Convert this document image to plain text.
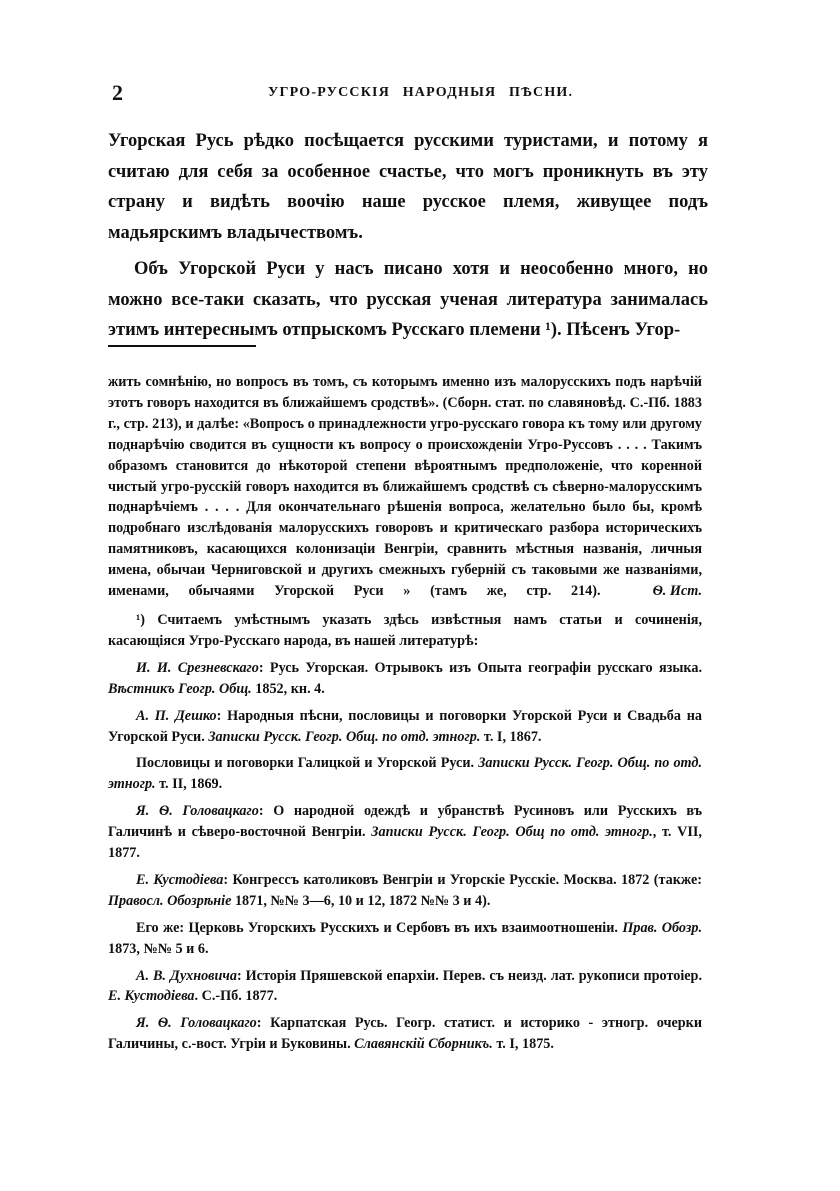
2	УГРО-РУССКІЯ НАРОДНЫЯ ПѢСНИ.

Угорская Русь рѣдко посѣщается русскими туристами, и потому я считаю для себя за особенное счастье, что могъ проникнуть въ эту страну и видѣть воочію наше русское племя, живущее подъ мадьярскимъ владычествомъ.

Объ Угорской Руси у насъ писано хотя и неособенно много, но можно все-таки сказать, что русская ученая литература занималась этимъ интереснымъ отпрыскомъ Русскаго племени ¹). Пѣсенъ Угор-

жить сомнѣнію, но вопросъ въ томъ, съ которымъ именно изъ малорусскихъ подъ нарѣчій этотъ говоръ находится въ ближайшемъ сродствѣ». (Сборн. стат. по славяновѣд. С.-Пб. 1883 г., стр. 213), и далѣе: «Вопросъ о принадлежности угро-русскаго говора къ тому или другому поднарѣчію сводится въ сущности къ вопросу о происхожденіи Угро-Руссовъ . . . . Такимъ образомъ становится до нѣкоторой степени вѣроятнымъ предположеніе, что коренной чистый угро-русскій говоръ находится въ ближайшемъ сродствѣ съ сѣверно-малорусскимъ поднарѣчіемъ . . . . Для окончательнаго рѣшенія вопроса, желательно было бы, кромѣ подробнаго изслѣдованія малорусскихъ говоровъ и критическаго разбора историческихъ памятниковъ, касающихся колонизаціи Венгріи, сравнить мѣстныя названія, личныя имена, обычаи Черниговской и другихъ смежныхъ губерній съ таковыми же названіями, именами, обычаями Угорской Руси » (тамъ же, стр. 214).	Ѳ. Ист.

¹) Считаемъ умѣстнымъ указать здѣсь извѣстныя намъ статьи и сочиненія, касающіяся Угро-Русскаго народа, въ нашей литературѣ:

И. И. Срезневскаго: Русь Угорская. Отрывокъ изъ Опыта географіи русскаго языка. Вѣстникъ Геогр. Общ. 1852, кн. 4.

А. П. Дешко: Народныя пѣсни, пословицы и поговорки Угорской Руси и Свадьба на Угорской Руси. Записки Русск. Геогр. Общ. по отд. этногр. т. I, 1867.

Пословицы и поговорки Галицкой и Угорской Руси. Записки Русск. Геогр. Общ. по отд. этногр. т. II, 1869.

Я. Ѳ. Головацкаго: О народной одеждѣ и убранствѣ Русиновъ или Русскихъ въ Галичинѣ и сѣверо-восточной Венгріи. Записки Русск. Геогр. Общ по отд. этногр., т. VII, 1877.

Е. Кустодіева: Конгрессъ католиковъ Венгріи и Угорскіе Русскіе. Москва. 1872 (также: Правосл. Обозрѣніе 1871, №№ 3—6, 10 и 12, 1872 №№ 3 и 4).

Его же: Церковь Угорскихъ Русскихъ и Сербовъ въ ихъ взаимоотношеніи. Прав. Обозр. 1873, №№ 5 и 6.

А. В. Духновича: Исторія Пряшевской епархіи. Перев. съ неизд. лат. рукописи протоіер. Е. Кустодіева. С.-Пб. 1877.

Я. Ѳ. Головацкаго: Карпатская Русь. Геогр. статист. и историко - этногр. очерки Галичины, с.-вост. Угріи и Буковины. Славянскій Сборникъ. т. I, 1875.
